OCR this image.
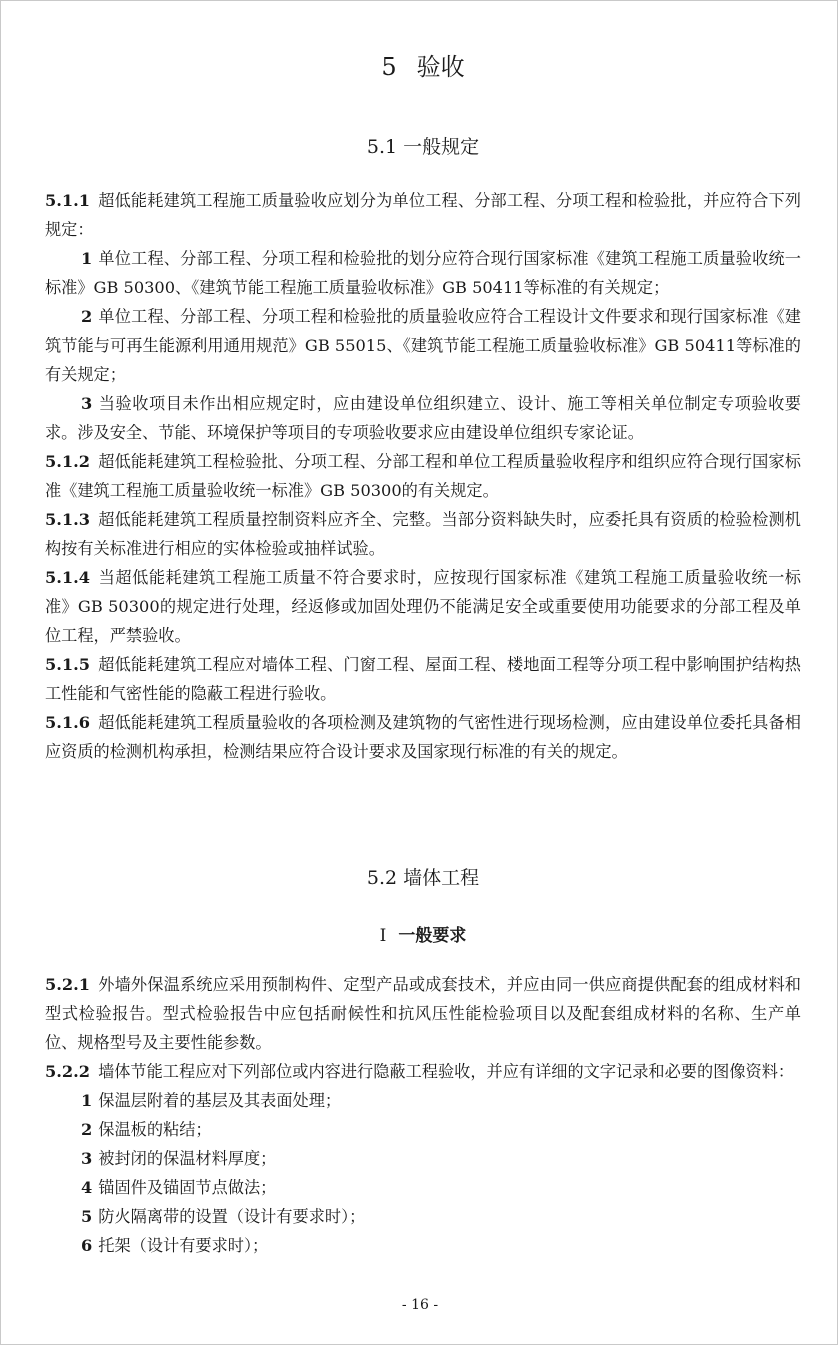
5 验收
5.1 一般规定

5.1.1 超低能耗建筑工程施工质量验收应划分为单位工程、分部工程、分项工程和检验批，并应符合下列规定：

1 单位工程、分部工程、分项工程和检验批的划分应符合现行国家标准《建筑工程施工质量验收统一标准》GB 50300、《建筑节能工程施工质量验收标准》GB 50411等标准的有关规定；

2 单位工程、分部工程、分项工程和检验批的质量验收应符合工程设计文件要求和现行国家标准《建筑节能与可再生能源利用通用规范》GB 55015、《建筑节能工程施工质量验收标准》GB 50411等标准的有关规定；

3 当验收项目未作出相应规定时，应由建设单位组织建立、设计、施工等相关单位制定专项验收要求。涉及安全、节能、环境保护等项目的专项验收要求应由建设单位组织专家论证。

5.1.2 超低能耗建筑工程检验批、分项工程、分部工程和单位工程质量验收程序和组织应符合现行国家标准《建筑工程施工质量验收统一标准》GB 50300的有关规定。

5.1.3 超低能耗建筑工程质量控制资料应齐全、完整。当部分资料缺失时，应委托具有资质的检验检测机构按有关标准进行相应的实体检验或抽样试验。

5.1.4 当超低能耗建筑工程施工质量不符合要求时，应按现行国家标准《建筑工程施工质量验收统一标准》GB 50300的规定进行处理，经返修或加固处理仍不能满足安全或重要使用功能要求的分部工程及单位工程，严禁验收。

5.1.5 超低能耗建筑工程应对墙体工程、门窗工程、屋面工程、楼地面工程等分项工程中影响围护结构热工性能和气密性能的隐蔽工程进行验收。

5.1.6 超低能耗建筑工程质量验收的各项检测及建筑物的气密性进行现场检测，应由建设单位委托具备相应资质的检测机构承担，检测结果应符合设计要求及国家现行标准的有关的规定。

5.2 墙体工程
I 一般要求

5.2.1 外墙外保温系统应采用预制构件、定型产品或成套技术，并应由同一供应商提供配套的组成材料和型式检验报告。型式检验报告中应包括耐候性和抗风压性能检验项目以及配套组成材料的名称、生产单位、规格型号及主要性能参数。

5.2.2 墙体节能工程应对下列部位或内容进行隐蔽工程验收，并应有详细的文字记录和必要的图像资料：

1 保温层附着的基层及其表面处理；

2 保温板的粘结；

3 被封闭的保温材料厚度；

4 锚固件及锚固节点做法；

5 防火隔离带的设置（设计有要求时）；

6 托架（设计有要求时）；

- 16 -
